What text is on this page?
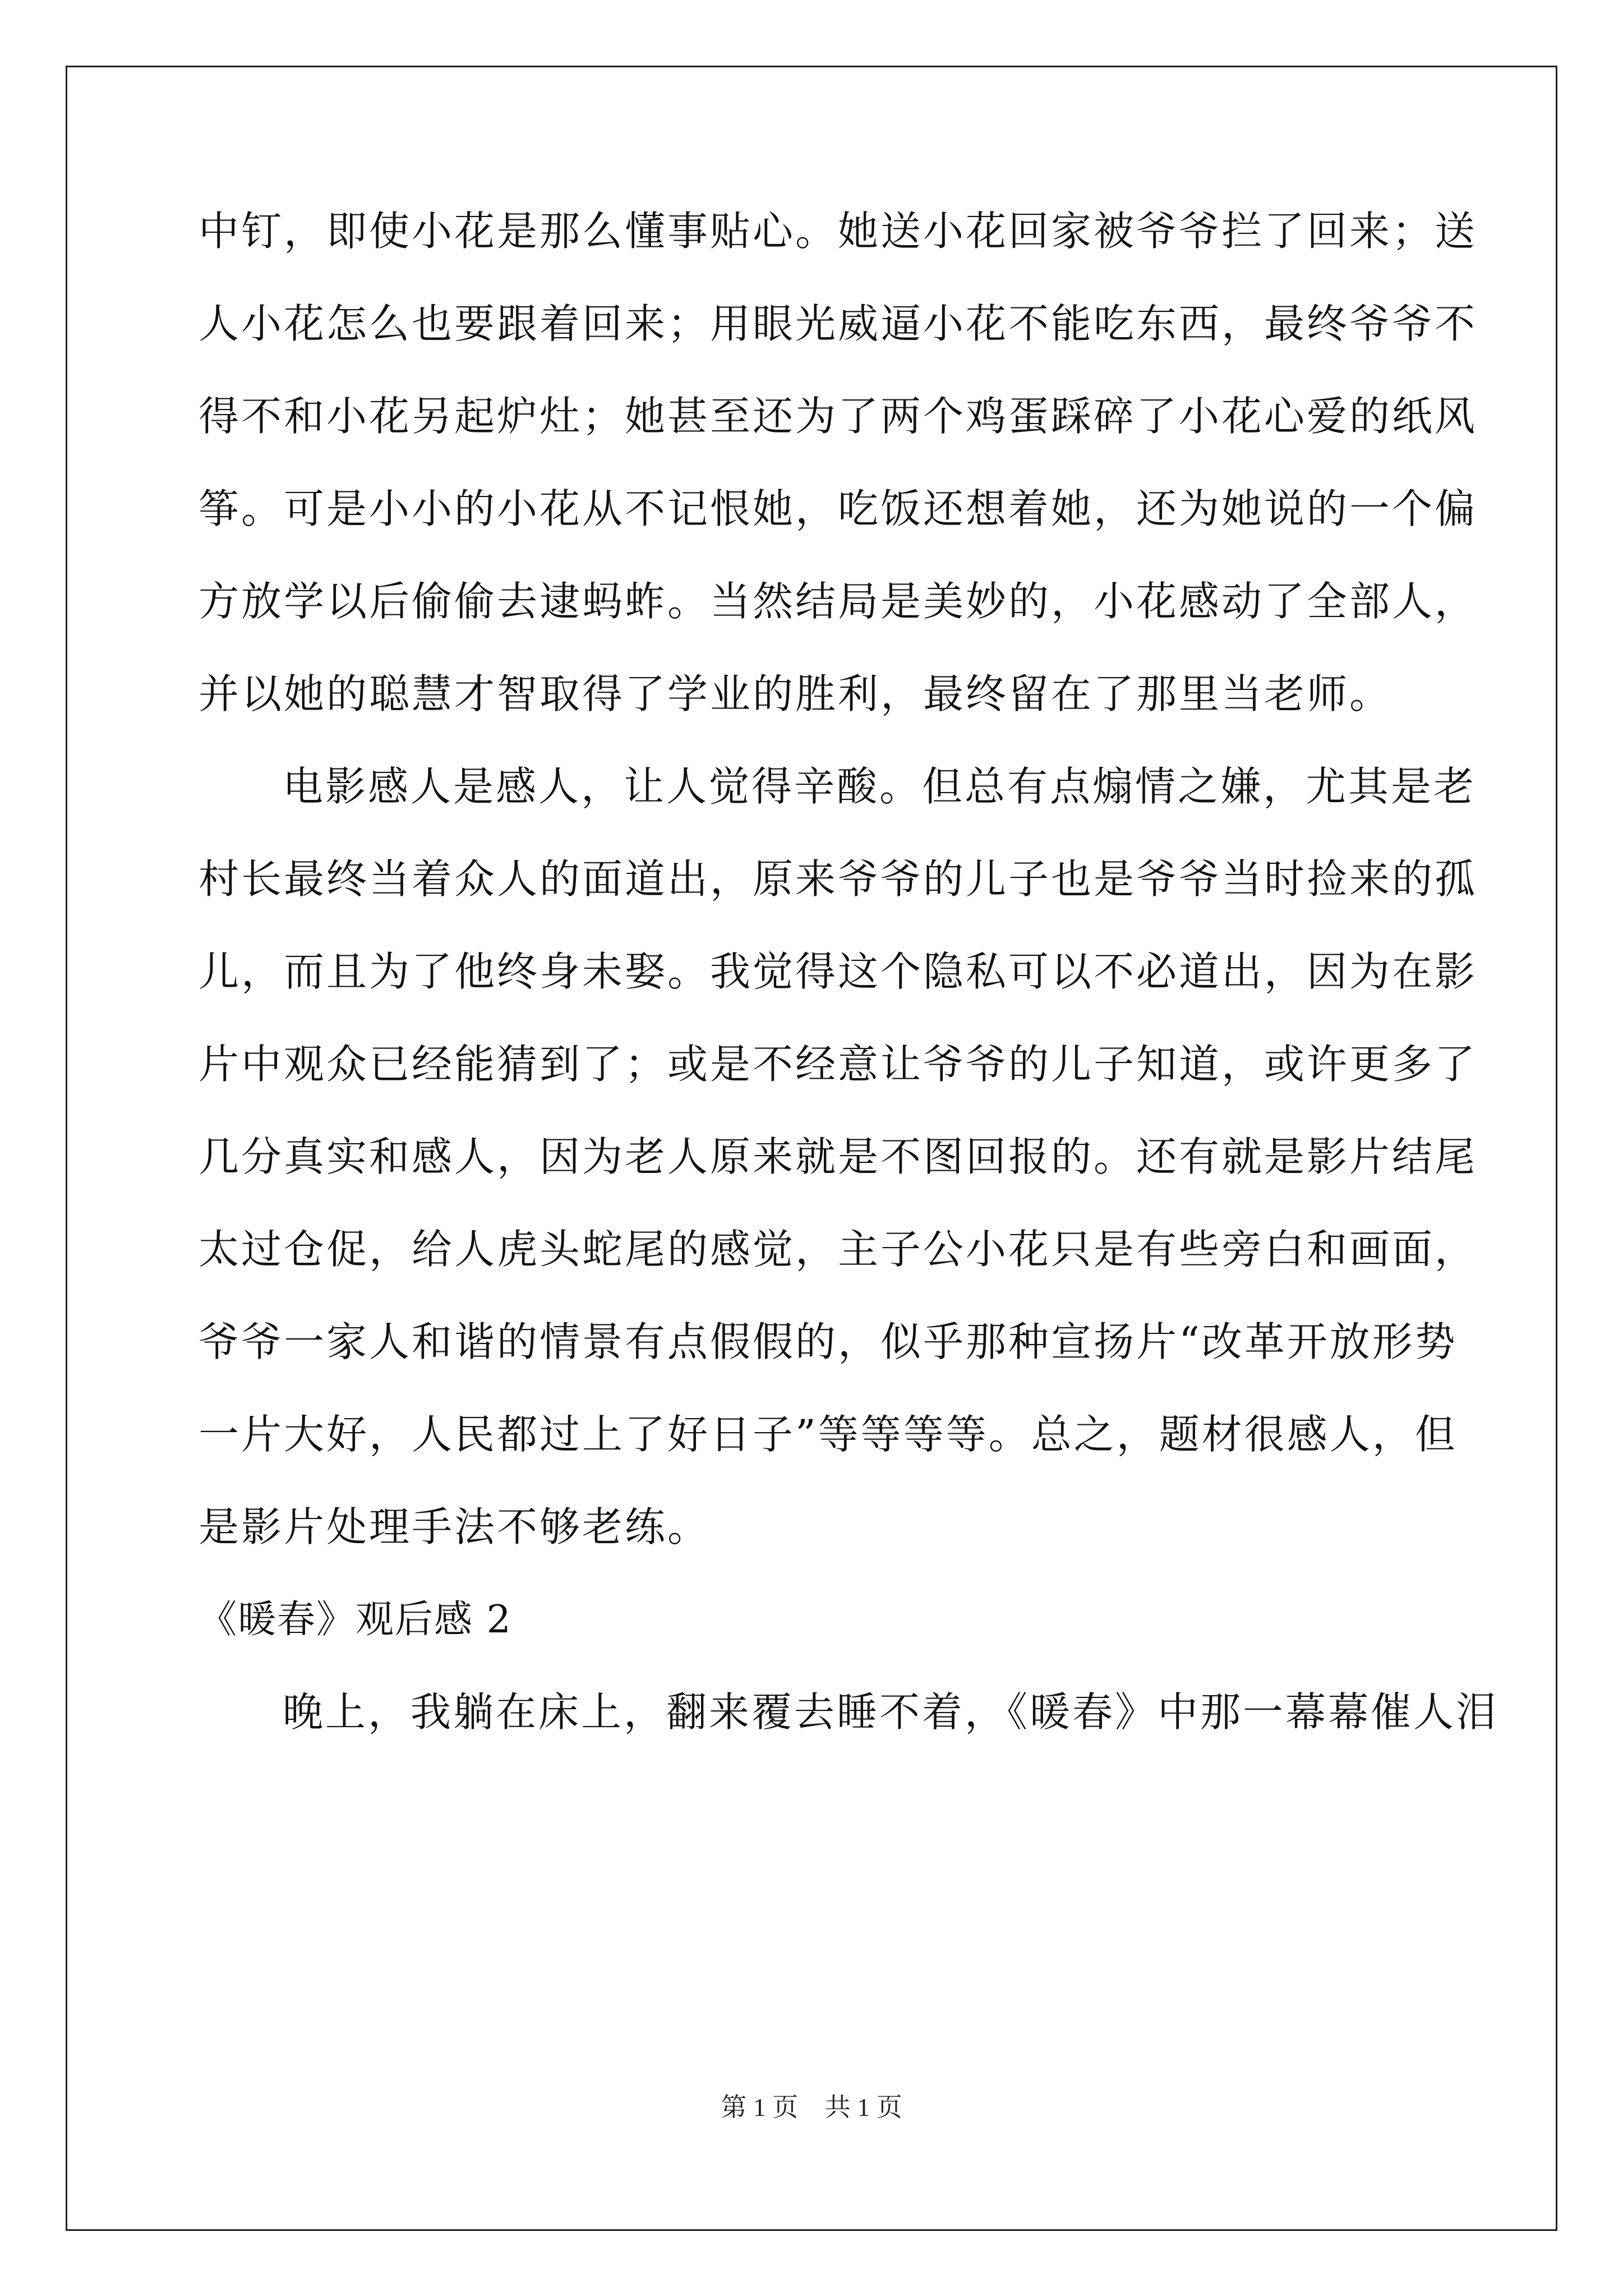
中钉，即使小花是那么懂事贴心。她送小花回家被爷爷拦了回来；送
人小花怎么也要跟着回来；用眼光威逼小花不能吃东西，最终爷爷不
得不和小花另起炉灶；她甚至还为了两个鸡蛋踩碎了小花心爱的纸风
筝。可是小小的小花从不记恨她，吃饭还想着她，还为她说的一个偏
方放学以后偷偷去逮蚂蚱。当然结局是美妙的，小花感动了全部人，
并以她的聪慧才智取得了学业的胜利，最终留在了那里当老师。
电影感人是感人，让人觉得辛酸。但总有点煽情之嫌，尤其是老
村长最终当着众人的面道出，原来爷爷的儿子也是爷爷当时捡来的孤
儿，而且为了他终身未娶。我觉得这个隐私可以不必道出，因为在影
片中观众已经能猜到了；或是不经意让爷爷的儿子知道，或许更多了
几分真实和感人，因为老人原来就是不图回报的。还有就是影片结尾
太过仓促，给人虎头蛇尾的感觉，主子公小花只是有些旁白和画面，
爷爷一家人和谐的情景有点假假的，似乎那种宣扬片“改革开放形势
一片大好，人民都过上了好日子”等等等等。总之，题材很感人，但
是影片处理手法不够老练。
《暖春》观后感 2
晚上，我躺在床上，翻来覆去睡不着，《暖春》中那一幕幕催人泪
第 1 页 共 1 页
